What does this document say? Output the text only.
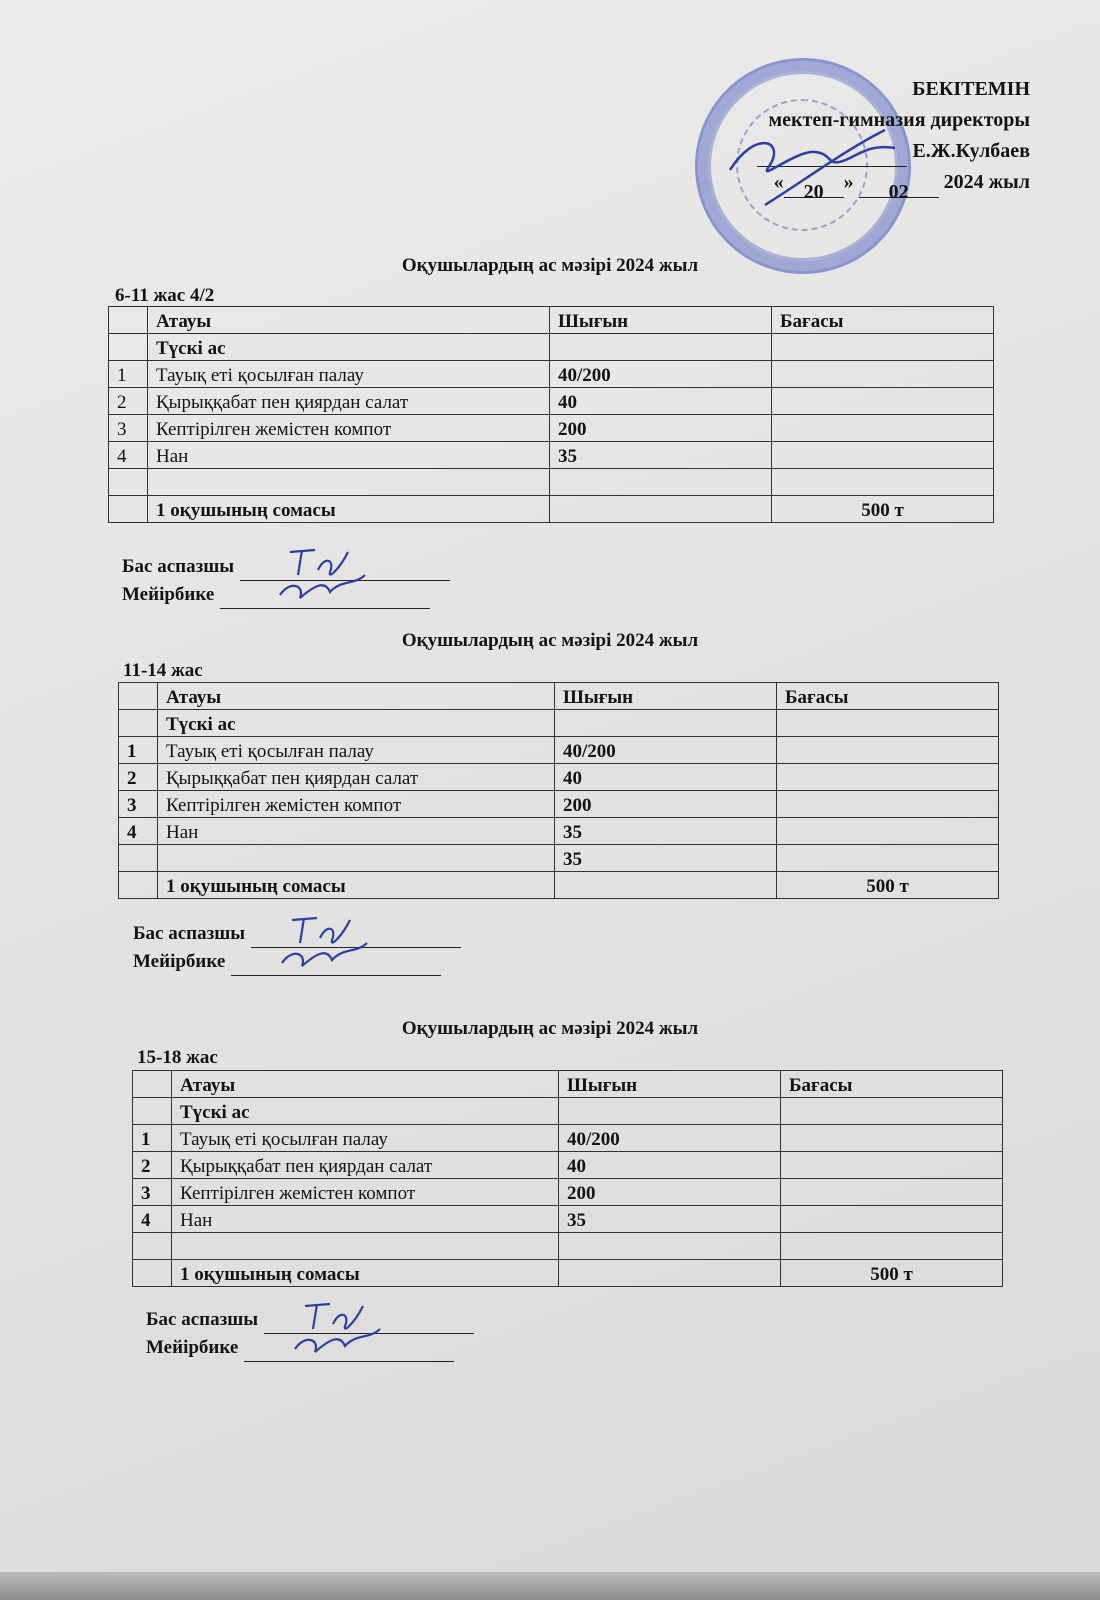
БЕКІТЕМІН
мектеп-гимназия директоры
Е.Ж.Кулбаев
« 20 » 02 2024 жыл
Оқушылардың ас мәзірі 2024 жыл
6-11 жас 4/2
	Атауы	Шығын	Бағасы
	Түскі ас		
1	Тауық еті қосылған палау	40/200	
2	Қырыққабат пен қиярдан салат	40	
3	Кептірілген жемістен компот	200	
4	Нан	35	

	1 оқушының сомасы		500 т
Бас аспазшы
Мейірбике
Оқушылардың ас мәзірі 2024 жыл
11-14 жас
	Атауы	Шығын	Бағасы
	Түскі ас		
1	Тауық еті қосылған палау	40/200	
2	Қырыққабат пен қиярдан салат	40	
3	Кептірілген жемістен компот	200	
4	Нан	35	
		35	
	1 оқушының сомасы		500 т
Бас аспазшы
Мейірбике
Оқушылардың ас мәзірі 2024 жыл
15-18 жас
	Атауы	Шығын	Бағасы
	Түскі ас		
1	Тауық еті қосылған палау	40/200	
2	Қырыққабат пен қиярдан салат	40	
3	Кептірілген жемістен компот	200	
4	Нан	35	

	1 оқушының сомасы		500 т
Бас аспазшы
Мейірбике
